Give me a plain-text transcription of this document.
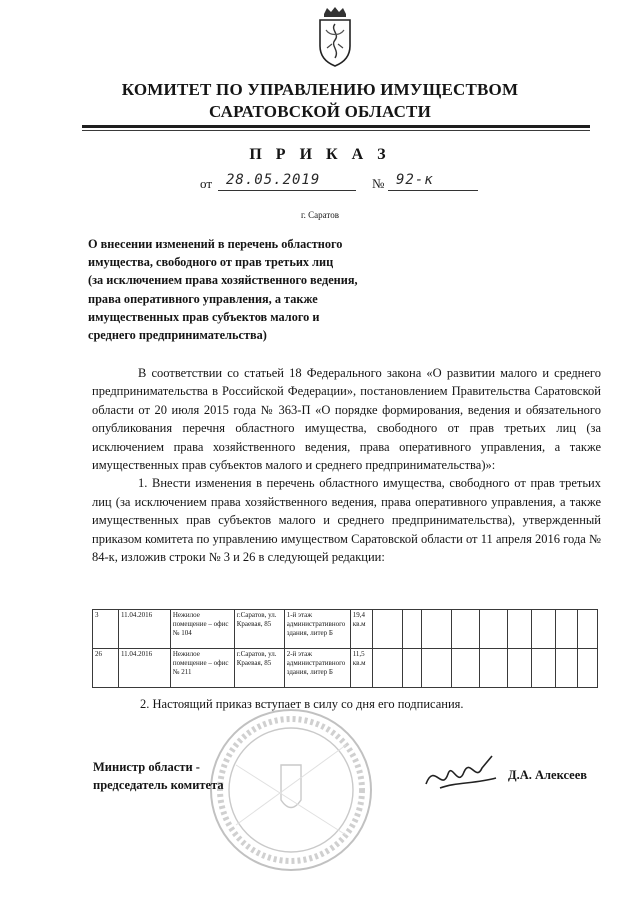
КОМИТЕТ ПО УПРАВЛЕНИЮ ИМУЩЕСТВОМ
САРАТОВСКОЙ ОБЛАСТИ
П Р И К А З
от 28.05.2019	№ 92-к
г. Саратов
О внесении изменений в перечень областного
имущества, свободного от прав третьих лиц
(за исключением права хозяйственного ведения,
права оперативного управления, а также
имущественных прав субъектов малого и
среднего предпринимательства)

В соответствии со статьей 18 Федерального закона «О развитии малого и среднего предпринимательства в Российской Федерации», постановлением Правительства Саратовской области от 20 июля 2015 года № 363-П «О порядке формирования, ведения и обязательного опубликования перечня областного имущества, свободного от прав третьих лиц (за исключением права хозяйственного ведения, права оперативного управления, а также имущественных прав субъектов малого и среднего предпринимательства)»:

1. Внести изменения в перечень областного имущества, свободного от прав третьих лиц (за исключением права хозяйственного ведения, права оперативного управления, а также имущественных прав субъектов малого и среднего предпринимательства), утвержденный приказом комитета по управлению имуществом Саратовской области от 11 апреля 2016 года № 84-к, изложив строки № 3 и 26 в следующей редакции:

3	11.04.2016	Нежилое помещение – офис № 104	г.Саратов, ул. Краевая, 85	1-й этаж административного здания, литер Б	19,4 кв.м									
26	11.04.2016	Нежилое помещение – офис № 211	г.Саратов, ул. Краевая, 85	2-й этаж административного здания, литер Б	11,5 кв.м									
2. Настоящий приказ вступает в силу со дня его подписания.
Министр области -
председатель комитета
Д.А. Алексеев
